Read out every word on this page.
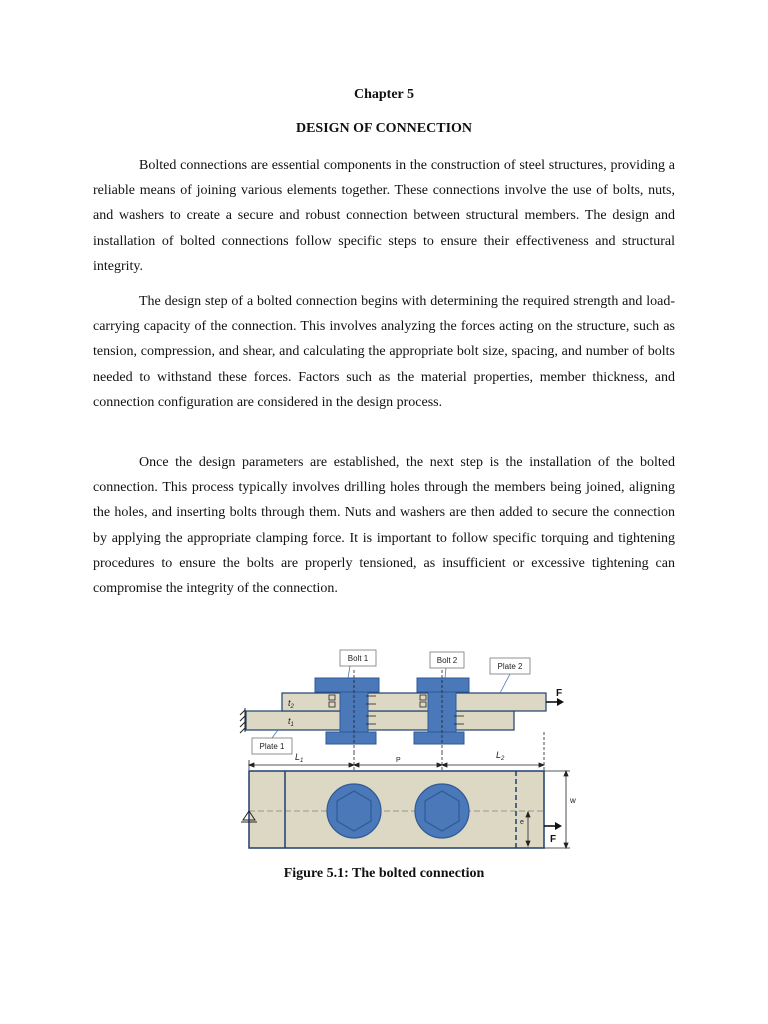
Chapter 5
DESIGN OF CONNECTION

Bolted connections are essential components in the construction of steel structures, providing a reliable means of joining various elements together. These connections involve the use of bolts, nuts, and washers to create a secure and robust connection between structural members. The design and installation of bolted connections follow specific steps to ensure their effectiveness and structural integrity.

The design step of a bolted connection begins with determining the required strength and load-carrying capacity of the connection. This involves analyzing the forces acting on the structure, such as tension, compression, and shear, and calculating the appropriate bolt size, spacing, and number of bolts needed to withstand these forces. Factors such as the material properties, member thickness, and connection configuration are considered in the design process.

Once the design parameters are established, the next step is the installation of the bolted connection. This process typically involves drilling holes through the members being joined, aligning the holes, and inserting bolts through them. Nuts and washers are then added to secure the connection by applying the appropriate clamping force. It is important to follow specific torquing and tightening procedures to ensure the bolts are properly tensioned, as insufficient or excessive tightening can compromise the integrity of the connection.

$t_2$
$t_1$
F
Bolt 1	Bolt 2
Plate 2
Plate 1
$L_1$	P
$L_2$
e
w
F
Figure 5.1: The bolted connection
